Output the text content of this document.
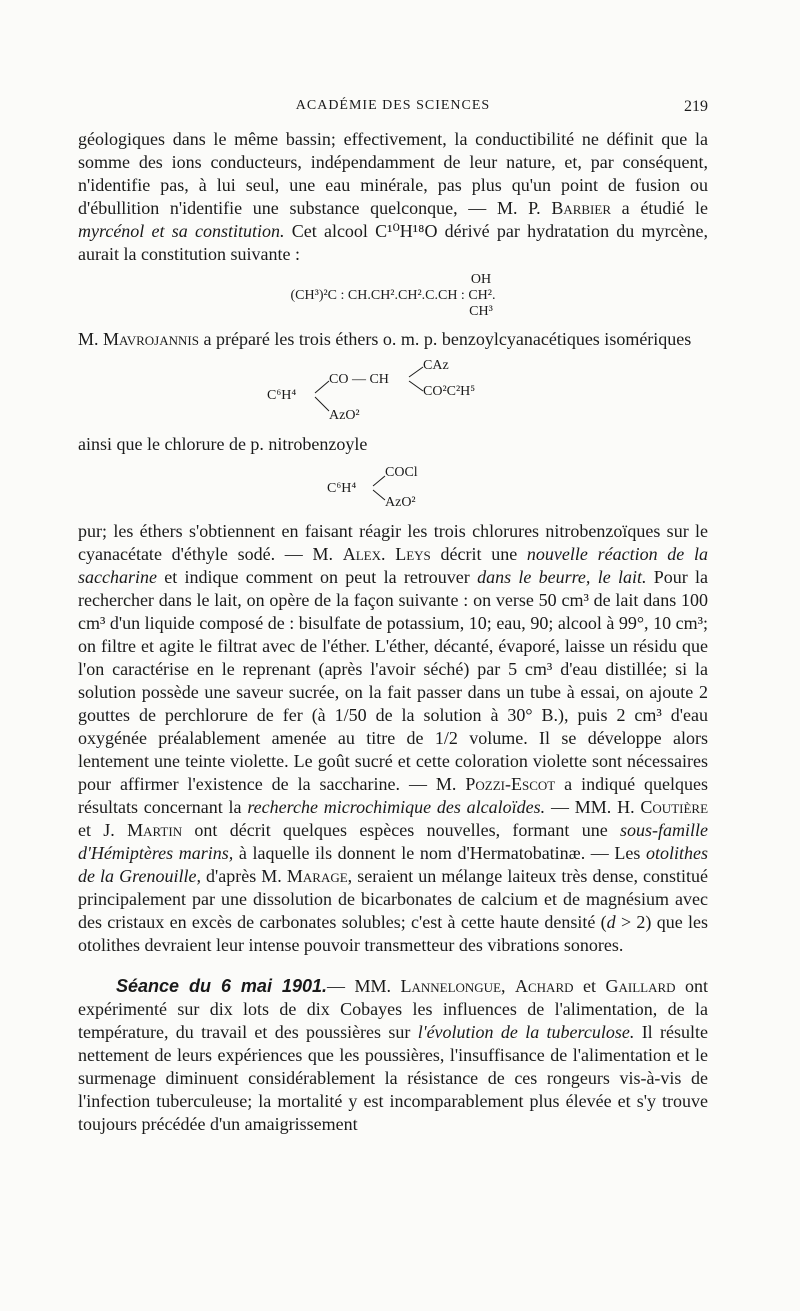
ACADÉMIE DES SCIENCES	219

géologiques dans le même bassin; effectivement, la conductibilité ne définit que la somme des ions conducteurs, indépendamment de leur nature, et, par conséquent, n'identifie pas, à lui seul, une eau minérale, pas plus qu'un point de fusion ou d'ébullition n'identifie une substance quelconque, — M. P. Barbier a étudié le myrcénol et sa constitution. Cet alcool C¹⁰H¹⁸O dérivé par hydratation du myrcène, aurait la constitution suivante :

OH
(CH³)²C : CH.CH².CH².C.CH : CH².
CH³

M. Mavrojannis a préparé les trois éthers o. m. p. benzoylcyanacétiques isomériques

C⁶H⁴
CO — CH
CAz
CO²C²H⁵
AzO²

ainsi que le chlorure de p. nitrobenzoyle

C⁶H⁴
COCl
AzO²

pur; les éthers s'obtiennent en faisant réagir les trois chlorures nitrobenzoïques sur le cyanacétate d'éthyle sodé. — M. Alex. Leys décrit une nouvelle réaction de la saccharine et indique comment on peut la retrouver dans le beurre, le lait. Pour la rechercher dans le lait, on opère de la façon suivante : on verse 50 cm³ de lait dans 100 cm³ d'un liquide composé de : bisulfate de potassium, 10; eau, 90; alcool à 99°, 10 cm³; on filtre et agite le filtrat avec de l'éther. L'éther, décanté, évaporé, laisse un résidu que l'on caractérise en le reprenant (après l'avoir séché) par 5 cm³ d'eau distillée; si la solution possède une saveur sucrée, on la fait passer dans un tube à essai, on ajoute 2 gouttes de perchlorure de fer (à 1/50 de la solution à 30° B.), puis 2 cm³ d'eau oxygénée préalablement amenée au titre de 1/2 volume. Il se développe alors lentement une teinte violette. Le goût sucré et cette coloration violette sont nécessaires pour affirmer l'existence de la saccharine. — M. Pozzi-Escot a indiqué quelques résultats concernant la recherche microchimique des alcaloïdes. — MM. H. Coutière et J. Martin ont décrit quelques espèces nouvelles, formant une sous-famille d'Hémiptères marins, à laquelle ils donnent le nom d'Hermatobatinæ. — Les otolithes de la Grenouille, d'après M. Marage, seraient un mélange laiteux très dense, constitué principalement par une dissolution de bicarbonates de calcium et de magnésium avec des cristaux en excès de carbonates solubles; c'est à cette haute densité (d > 2) que les otolithes devraient leur intense pouvoir transmetteur des vibrations sonores.

Séance du 6 mai 1901.— MM. Lannelongue, Achard et Gaillard ont expérimenté sur dix lots de dix Cobayes les influences de l'alimentation, de la température, du travail et des poussières sur l'évolution de la tuberculose. Il résulte nettement de leurs expériences que les poussières, l'insuffisance de l'alimentation et le surmenage diminuent considérablement la résistance de ces rongeurs vis-à-vis de l'infection tuberculeuse; la mortalité y est incomparablement plus élevée et s'y trouve toujours précédée d'un amaigrissement
